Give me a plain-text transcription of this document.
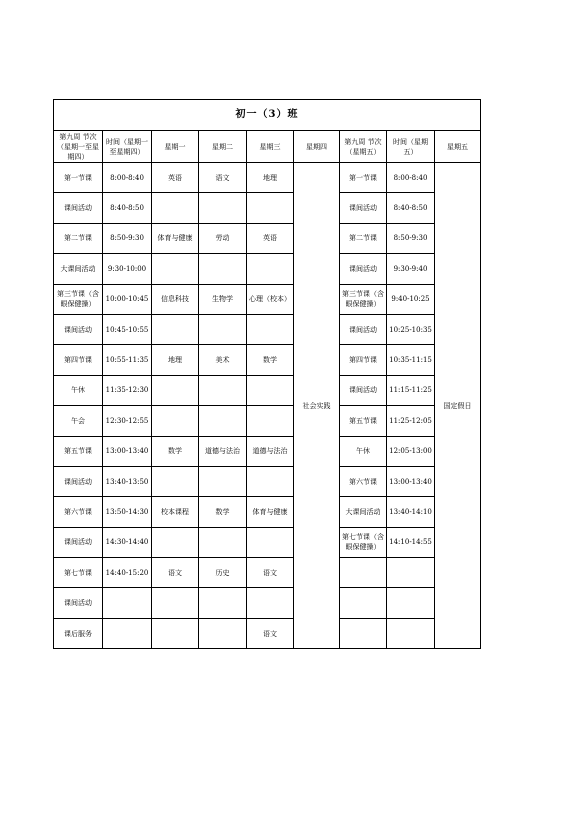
初一（3）班								
第九周 节次（星期一至星期四）	时间（星期一至星期四）	星期一	星期二	星期三	星期四	第九周 节次（星期五）	时间（星期五）	星期五
第一节课	8:00-8:40	英语	语文	地理	社会实践	第一节课	8:00-8:40	国定假日
课间活动	8:40-8:50					课间活动	8:40-8:50	
第二节课	8:50-9:30	体育与健康	劳动	英语		第二节课	8:50-9:30	
大课间活动	9:30-10:00					课间活动	9:30-9:40	
第三节课（含眼保健操）	10:00-10:45	信息科技	生物学	心理（校本）		第三节课（含眼保健操）	9:40-10:25	
课间活动	10:45-10:55					课间活动	10:25-10:35	
第四节课	10:55-11:35	地理	美术	数学		第四节课	10:35-11:15	
午休	11:35-12:30					课间活动	11:15-11:25	
午会	12:30-12:55					第五节课	11:25-12:05	
第五节课	13:00-13:40	数学	道德与法治	道德与法治		午休	12:05-13:00	
课间活动	13:40-13:50					第六节课	13:00-13:40	
第六节课	13:50-14:30	校本课程	数学	体育与健康		大课间活动	13:40-14:10	
课间活动	14:30-14:40					第七节课（含眼保健操）	14:10-14:55	
第七节课	14:40-15:20	语文	历史	语文				
课间活动								
课后服务				语文				
